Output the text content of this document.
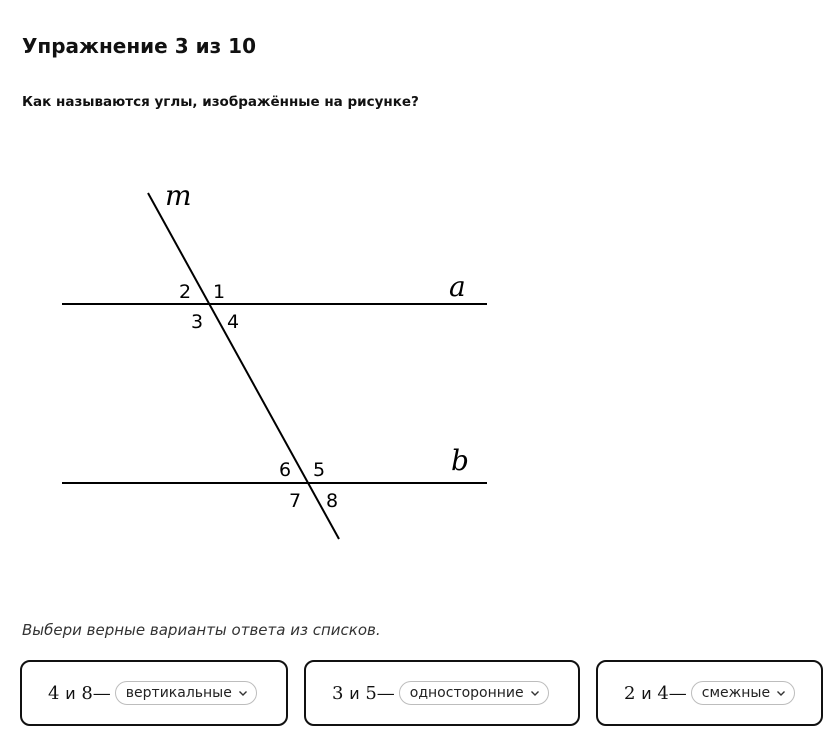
Упражнение 3 из 10

Как называются углы, изображённые на рисунке?

m
a
b
1
2
3 4
5
6
7 8
Выбери верные варианты ответа из списков.
4 и 8— вертикальные	3 и 5— односторонние	2 и 4— смежные
